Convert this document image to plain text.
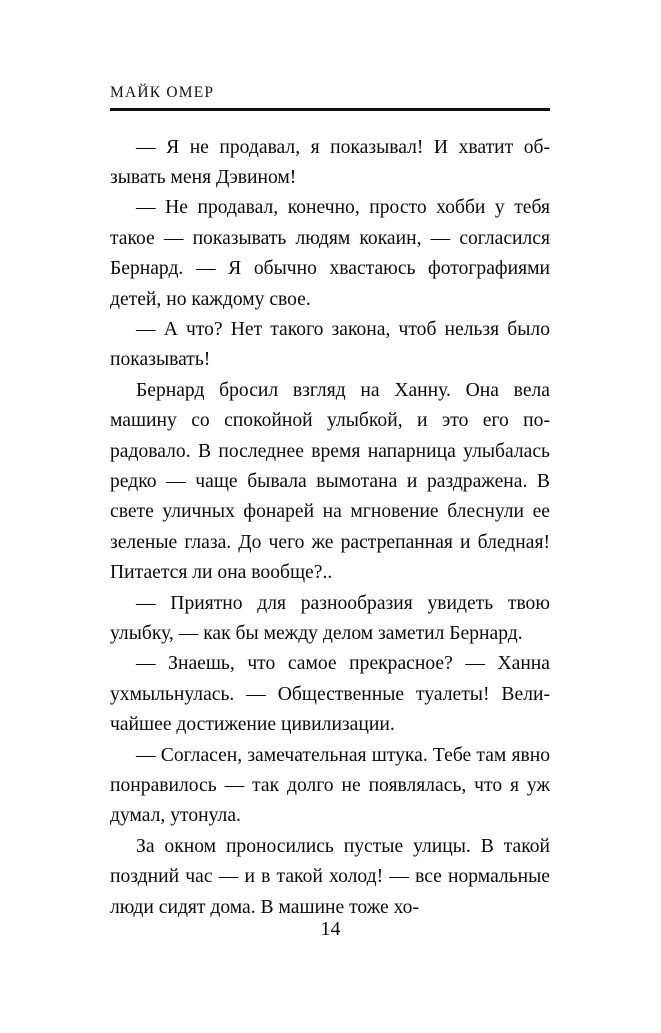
МАЙК ОМЕР

— Я не продавал, я показывал! И хватит обзывать меня Дэвином!

— Не продавал, конечно, просто хобби у тебя такое — показывать людям кокаин, — согласился Бернард. — Я обычно хвастаюсь фотографиями детей, но каждому свое.

— А что? Нет такого закона, чтоб нельзя было показывать!

Бернард бросил взгляд на Ханну. Она вела машину со спокойной улыбкой, и это его порадовало. В последнее время напарница улыбалась редко — чаще бывала вымотана и раздражена. В свете уличных фонарей на мгновение блеснули ее зеленые глаза. До чего же растрепанная и бледная! Питается ли она вообще?..

— Приятно для разнообразия увидеть твою улыбку, — как бы между делом заметил Бернард.

— Знаешь, что самое прекрасное? — Ханна ухмыльнулась. — Общественные туалеты! Величайшее достижение цивилизации.

— Согласен, замечательная штука. Тебе там явно понравилось — так долго не появлялась, что я уж думал, утонула.

За окном проносились пустые улицы. В такой поздний час — и в такой холод! — все нормальные люди сидят дома. В машине тоже хо-

14
